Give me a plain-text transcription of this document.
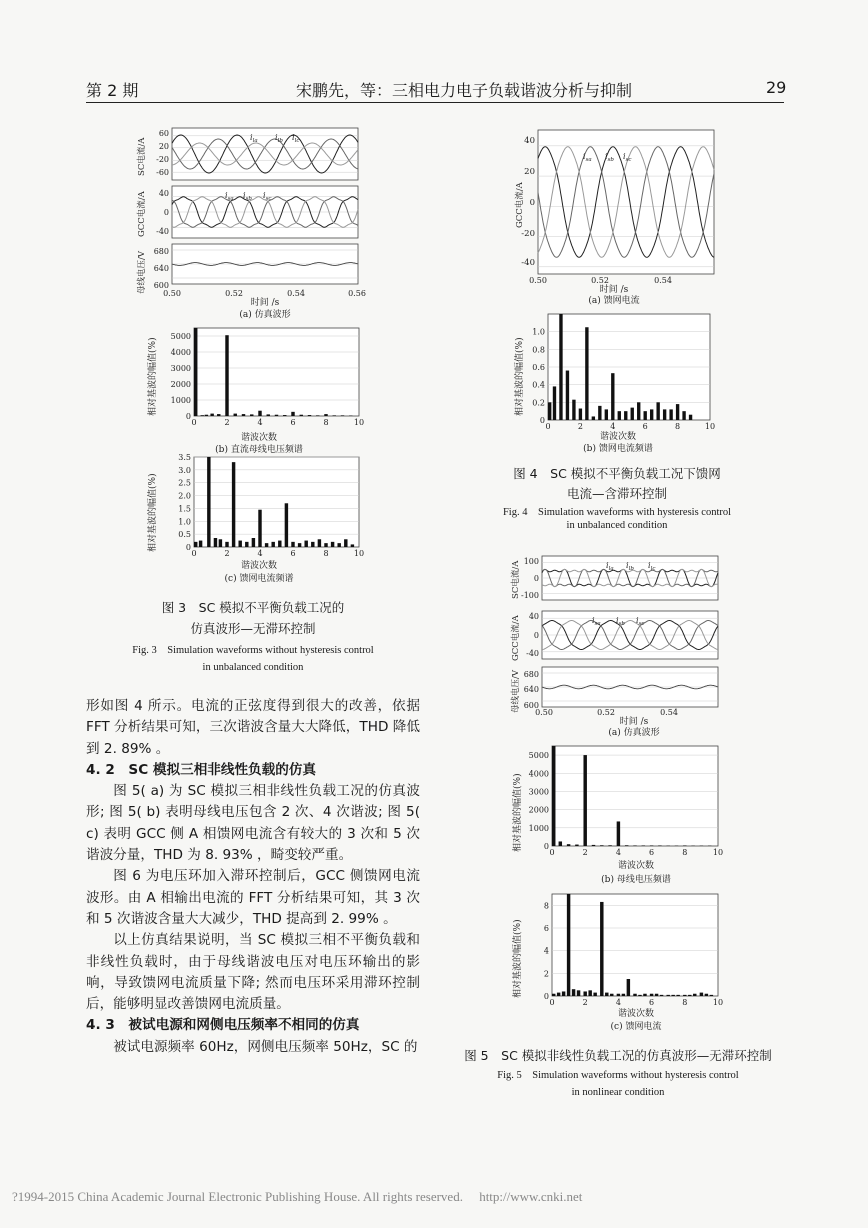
第 2 期	宋鹏先，等：三相电力电子负载谐波分析与抑制	29
60
20
-20
-60
40
0
-40
680
640
600
$i_{la}$ $i_{lb}$ $i_{lc}$
$i_{sa}$ $i_{sb}$ $i_{sc}$
SC电流/A
GCC电流/A
母线电压/V 0.50	0.52	0.54	0.56
时间 /s
(a) 仿真波形
0
1000
2000
3000
4000
5000
0	2	4	6	8	10
相对基波的幅值(%)
谐波次数
(b) 直流母线电压频谱
0
0.5
1.0
1.5
2.0
2.5
3.0
3.5
0	2	4	6	8	10
相对基波的幅值(%)
谐波次数
(c) 馈网电流频谱
图 3　SC 模拟不平衡负载工况的
仿真波形—无滞环控制
Fig. 3　Simulation waveforms without hysteresis control
in unbalanced condition

形如图 4 所示。电流的正弦度得到很大的改善，依据 FFT 分析结果可知，三次谐波含量大大降低，THD 降低到 2. 89% 。

4. 2　SC 模拟三相非线性负载的仿真

图 5( a) 为 SC 模拟三相非线性负载工况的仿真波形; 图 5( b) 表明母线电压包含 2 次、4 次谐波; 图 5( c) 表明 GCC 侧 A 相馈网电流含有较大的 3 次和 5 次谐波分量，THD 为 8. 93% ，畸变较严重。

图 6 为电压环加入滞环控制后，GCC 侧馈网电流波形。由 A 相输出电流的 FFT 分析结果可知，其 3 次和 5 次谐波含量大大减少，THD 提高到 2. 99% 。

以上仿真结果说明，当 SC 模拟三相不平衡负载和非线性负载时，由于母线谐波电压对电压环输出的影响，导致馈网电流质量下降; 然而电压环采用滞环控制后，能够明显改善馈网电流质量。

4. 3　被试电源和网侧电压频率不相同的仿真

被试电源频率 60Hz，网侧电压频率 50Hz，SC 的

40
20
0
-20
-40
GCC电流/A
$i_{sa}$ $i_{sb}$ $i_{sc}$
0.50	0.52	0.54
时间 /s
(a) 馈网电流
0
0.2
0.4
0.6
0.8
1.0
0	2	4	6	8	10
相对基波的幅值(%)
谐波次数
(b) 馈网电流频谱
图 4　SC 模拟不平衡负载工况下馈网
电流—含滞环控制
Fig. 4　Simulation waveforms with hysteresis control
in unbalanced condition
100
0
-100
40
0
-40
680
640
600
SC电流/A
GCC电流/A
母线电压/V
$i_{la}$ $i_{lb}$ $i_{lc}$
$i_{sa}$ $i_{sb}$ $i_{sc}$
0.50	0.52	0.54
时间 /s
(a) 仿真波形
0
1000
2000
3000
4000
5000
0	2	4	6	8	10
相对基波的幅值(%)
谐波次数
(b) 母线电压频谱
0
2
4
6
8
0	2	4	6	8	10
相对基波的幅值(%)
谐波次数
(c) 馈网电流
图 5　SC 模拟非线性负载工况的仿真波形—无滞环控制
Fig. 5　Simulation waveforms without hysteresis control
in nonlinear condition
?1994-2015 China Academic Journal Electronic Publishing House. All rights reserved.　 http://www.cnki.net
